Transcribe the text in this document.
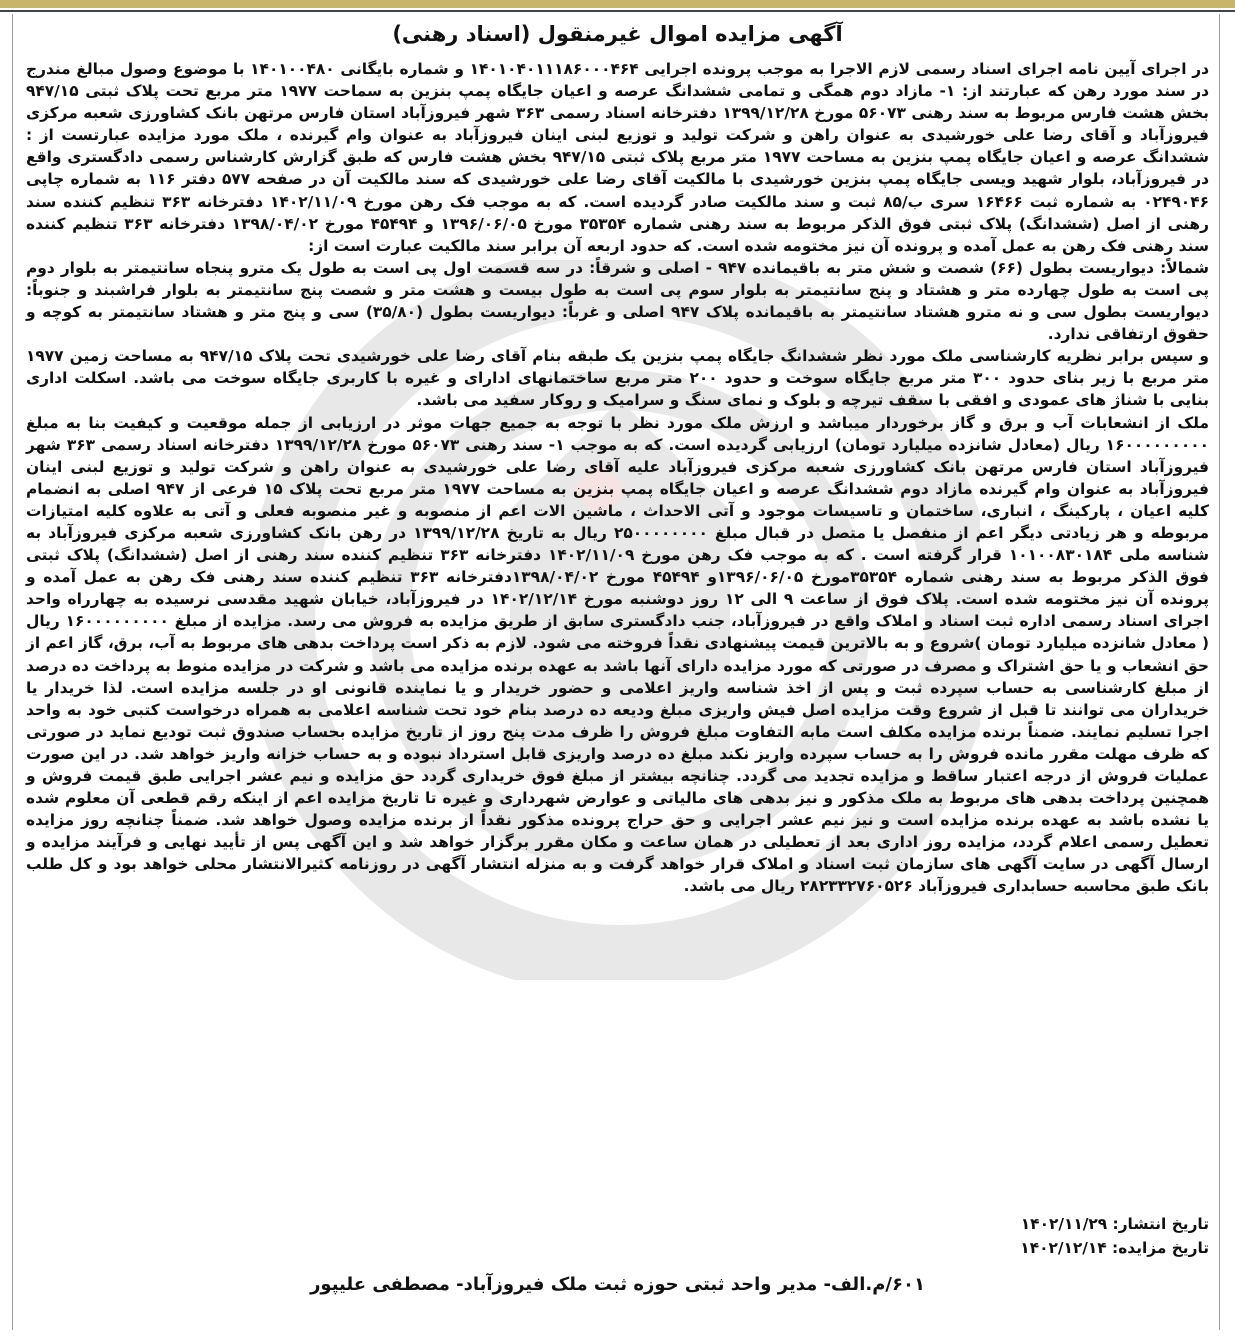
آگهی مزایده اموال غیرمنقول (اسناد رهنی)

در اجرای آیین نامه اجرای اسناد رسمی لازم الاجرا به موجب پرونده اجرایی ۱۴۰۱۰۴۰۱۱۱۸۶۰۰۰۴۶۴ و شماره بایگانی ۱۴۰۱۰۰۴۸۰ با موضوع وصول مبالغ مندرج در سند مورد رهن که عبارتند از: ۱- مازاد دوم همگی و تمامی ششدانگ عرصه و اعیان جایگاه پمپ بنزین به سماحت ۱۹۷۷ متر مربع تحت پلاک ثبتی ۹۴۷/۱۵ بخش هشت فارس مربوط به سند رهنی ۵۶۰۷۳ مورخ ۱۳۹۹/۱۲/۲۸ دفترخانه اسناد رسمی ۳۶۳ شهر فیروزآباد استان فارس مرتهن بانک کشاورزی شعبه مرکزی فیروزآباد و آقای رضا علی خورشیدی به عنوان راهن و شرکت تولید و توزیع لبنی اینان فیروزآباد به عنوان وام گیرنده ، ملک مورد مزایده عبارتست از : ششدانگ عرصه و اعیان جایگاه پمپ بنزین به مساحت ۱۹۷۷ متر مربع پلاک ثبتی ۹۴۷/۱۵ بخش هشت فارس که طبق گزارش کارشناس رسمی دادگستری واقع در فیروزآباد، بلوار شهید ویسی جایگاه پمپ بنزین خورشیدی با مالکیت آقای رضا علی خورشیدی که سند مالکیت آن در صفحه ۵۷۷ دفتر ۱۱۶ به شماره چاپی ۰۲۴۹۰۴۶ به شماره ثبت ۱۶۴۶۶ سری ب/۸۵ ثبت و سند مالکیت صادر گردیده است. که به موجب فک رهن مورخ ۱۴۰۲/۱۱/۰۹ دفترخانه ۳۶۳ تنظیم کننده سند رهنی از اصل (ششدانگ) پلاک ثبتی فوق الذکر مربوط به سند رهنی شماره ۳۵۳۵۴ مورخ ۱۳۹۶/۰۶/۰۵ و ۴۵۴۹۴ مورخ ۱۳۹۸/۰۴/۰۲ دفترخانه ۳۶۳ تنظیم کننده سند رهنی فک رهن به عمل آمده و پرونده آن نیز مختومه شده است. که حدود اربعه آن برابر سند مالکیت عبارت است از:

شمالاً: دیواریست بطول (۶۶) شصت و شش متر به باقیمانده ۹۴۷ - اصلی و شرقاً: در سه قسمت اول پی است به طول یک مترو پنجاه سانتیمتر به بلوار دوم پی است به طول چهارده متر و هشتاد و پنج سانتیمتر به بلوار سوم پی است به طول بیست و هشت متر و شصت پنج سانتیمتر به بلوار فراشبند و جنوباً: دیواریست بطول سی و نه مترو هشتاد سانتیمتر به باقیمانده پلاک ۹۴۷ اصلی و غرباً: دیواریست بطول (۳۵/۸۰) سی و پنج متر و هشتاد سانتیمتر به کوچه و حقوق ارتفاقی ندارد.

و سپس برابر نظریه کارشناسی ملک مورد نظر ششدانگ جایگاه پمپ بنزین یک طبقه بنام آقای رضا علی خورشیدی تحت پلاک ۹۴۷/۱۵ به مساحت زمین ۱۹۷۷ متر مربع با زیر بنای حدود ۳۰۰ متر مربع جایگاه سوخت و حدود ۲۰۰ متر مربع ساختمانهای ادارای و غیره با کاربری جایگاه سوخت می باشد. اسکلت اداری بنایی با شناژ های عمودی و افقی با سقف تیرچه و بلوک و نمای سنگ و سرامیک و روکار سفید می باشد.

ملک از انشعابات آب و برق و گاز برخوردار میباشد و ارزش ملک مورد نظر با توجه به جمیع جهات موثر در ارزیابی از جمله موقعیت و کیفیت بنا به مبلغ ۱۶۰۰۰۰۰۰۰۰۰ ریال (معادل شانزده میلیارد تومان) ارزیابی گردیده است. که به موجب ۱- سند رهنی ۵۶۰۷۳ مورخ ۱۳۹۹/۱۲/۲۸ دفترخانه اسناد رسمی ۳۶۳ شهر فیروزآباد استان فارس مرتهن بانک کشاورزی شعبه مرکزی فیروزآباد علیه آقای رضا علی خورشیدی به عنوان راهن و شرکت تولید و توزیع لبنی اینان فیروزآباد به عنوان وام گیرنده مازاد دوم ششدانگ عرصه و اعیان جایگاه پمپ بنزین به مساحت ۱۹۷۷ متر مربع تحت پلاک ۱۵ فرعی از ۹۴۷ اصلی به انضمام کلیه اعیان ، پارکینگ ، انباری، ساختمان و تاسیسات موجود و آتی الاحداث ، ماشین الات اعم از منصوبه و غیر منصوبه فعلی و آتی به علاوه کلیه امتیازات مربوطه و هر زیادتی دیگر اعم از منفصل یا متصل در قبال مبلغ ۲۵۰۰۰۰۰۰۰۰ ریال به تاریخ ۱۳۹۹/۱۲/۲۸ در رهن بانک کشاورزی شعبه مرکزی فیروزآباد به شناسه ملی ۱۰۱۰۰۸۳۰۱۸۴ قرار گرفته است . که به موجب فک رهن مورخ ۱۴۰۲/۱۱/۰۹ دفترخانه ۳۶۳ تنظیم کننده سند رهنی از اصل (ششدانگ) پلاک ثبتی فوق الذکر مربوط به سند رهنی شماره ۳۵۳۵۴مورخ ۱۳۹۶/۰۶/۰۵و ۴۵۴۹۴ مورخ ۱۳۹۸/۰۴/۰۲دفترخانه ۳۶۳ تنظیم کننده سند رهنی فک رهن به عمل آمده و پرونده آن نیز مختومه شده است. پلاک فوق از ساعت ۹ الی ۱۲ روز دوشنبه مورخ ۱۴۰۲/۱۲/۱۴ در فیروزآباد، خیابان شهید مقدسی نرسیده به چهارراه واحد اجرای اسناد رسمی اداره ثبت اسناد و املاک واقع در فیروزآباد، جنب دادگستری سابق از طریق مزایده به فروش می رسد. مزایده از مبلغ ۱۶۰۰۰۰۰۰۰۰۰ ریال ( معادل شانزده میلیارد تومان )شروع و به بالاترین قیمت پیشنهادی نقداً فروخته می شود. لازم به ذکر است پرداخت بدهی های مربوط به آب، برق، گاز اعم از حق انشعاب و یا حق اشتراک و مصرف در صورتی که مورد مزایده دارای آنها باشد به عهده برنده مزایده می باشد و شرکت در مزایده منوط به پرداخت ده درصد از مبلغ کارشناسی به حساب سپرده ثبت و پس از اخذ شناسه واریز اعلامی و حضور خریدار و یا نماینده قانونی او در جلسه مزایده است. لذا خریدار یا خریداران می توانند تا قبل از شروع وقت مزایده اصل فیش واریزی مبلغ ودیعه ده درصد بنام خود تحت شناسه اعلامی به همراه درخواست کتبی خود به واحد اجرا تسلیم نمایند. ضمناً برنده مزایده مکلف است مابه التفاوت مبلغ فروش را ظرف مدت پنج روز از تاریخ مزایده بحساب صندوق ثبت تودیع نماید در صورتی که ظرف مهلت مقرر مانده فروش را به حساب سپرده واریز نکند مبلغ ده درصد واریزی قابل استرداد نبوده و به حساب خزانه واریز خواهد شد. در این صورت عملیات فروش از درجه اعتبار ساقط و مزایده تجدید می گردد. چنانچه بیشتر از مبلغ فوق خریداری گردد حق مزایده و نیم عشر اجرایی طبق قیمت فروش و همچنین پرداخت بدهی های مربوط به ملک مذکور و نیز بدهی های مالیاتی و عوارض شهرداری و غیره تا تاریخ مزایده اعم از اینکه رقم قطعی آن معلوم شده یا نشده باشد به عهده برنده مزایده است و نیز نیم عشر اجرایی و حق حراج پرونده مذکور نقداً از برنده مزایده وصول خواهد شد. ضمناً چنانچه روز مزایده تعطیل رسمی اعلام گردد، مزایده روز اداری بعد از تعطیلی در همان ساعت و مکان مقرر برگزار خواهد شد و این آگهی پس از تأیید نهایی و فرآیند مزایده و ارسال آگهی در سایت آگهی های سازمان ثبت اسناد و املاک قرار خواهد گرفت و به منزله انتشار آگهی در روزنامه کثیرالانتشار محلی خواهد بود و کل طلب بانک طبق محاسبه حسابداری فیروزآباد ۲۸۲۳۳۲۷۶۰۵۲۶ ریال می باشد.

تاریخ انتشار: ۱۴۰۲/۱۱/۲۹
تاریخ مزایده: ۱۴۰۲/۱۲/۱۴
۶۰۱/م.الف- مدیر واحد ثبتی حوزه ثبت ملک فیروزآباد- مصطفی علیپور
